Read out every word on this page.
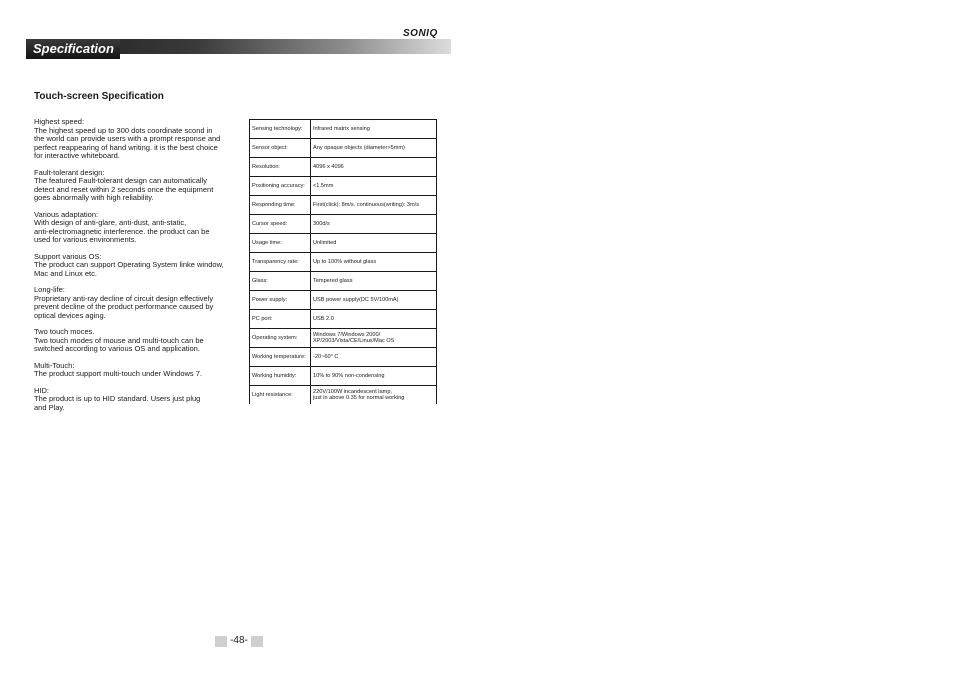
SONIQ
Specification
Touch-screen Specification
Highest speed:
The highest speed up to 300 dots coordinate scond in
the world can provide users with a prompt response and
perfect reappearing of hand writing. it is the best choice
for interactive whiteboard.
Fault-tolerant design:
The featured Fault-tolerant design can automatically
detect and reset within 2 seconds once the equipment
goes abnormally with high reliability.
Various adaptation:
With design of anti-glare, anti-dust, anti-static,
anti-electromagnetic interference. the product can be
used for various environments.
Support various OS:
The product can support Operating System linke window,
Mac and Linux etc.
Long-life:
Proprietary anti-ray decline of circuit design effectively
prevent decline of the product performance caused by
optical devices aging.
Two touch moces.
Two touch modes of mouse and multi-touch can be
switched according to various OS and application.
Multi-Touch:
The product support multi-touch under Windows 7.
HID:
The product is up to HID standard. Users just plug
and Play.
Sensing technology:	Infrared matrix sensing
Sensor object:	Any opaque objects (diameter>5mm)
Resolution:	4096 x 4096
Positioning accuracy:	<1.5mm
Responding time:	First(click): 8m/s. continuous(writing): 3m/s
Cursor speed:	300d/s
Usage time:	Unlimited
Transparency rate:	Up to 100% without glass
Glass:	Tempered glass
Power supply:	USB power supply(DC 5V/100mA)
PC port:	USB 2.0
Operating system:	Windows 7/Windows 2000/
XP/2003/Vista/CE/Linux/Mac OS
Working temperature:	-20~60° C
Working humidity:	10% to 90% non-condensing
Light resistance:	220V/100W incandescent lamp,
just in above 0.35 for normal working
-48-
